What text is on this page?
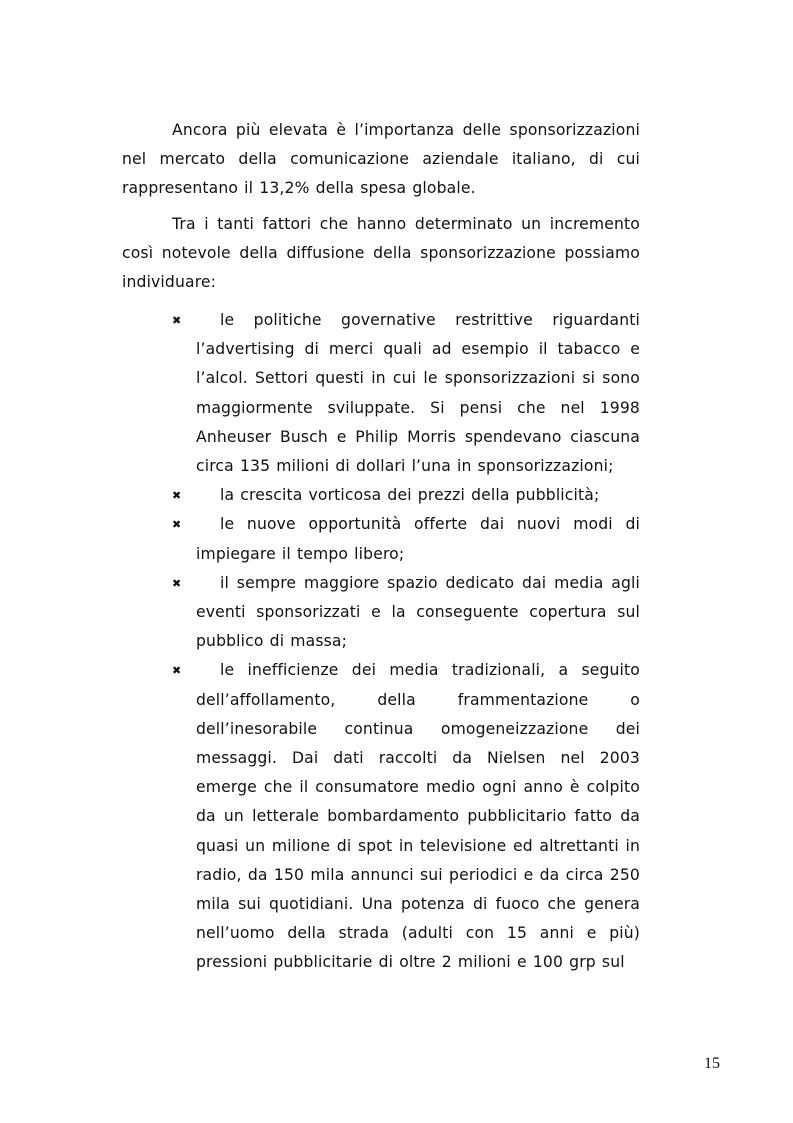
Ancora più elevata è l’importanza delle sponsorizzazioni nel mercato della comunicazione aziendale italiano, di cui rappresentano il 13,2% della spesa globale.

Tra i tanti fattori che hanno determinato un incremento così notevole della diffusione della sponsorizzazione possiamo individuare:

✖	le politiche governative restrittive riguardanti l’advertising di merci quali ad esempio il tabacco e l’alcol. Settori questi in cui le sponsorizzazioni si sono maggiormente sviluppate. Si pensi che nel 1998 Anheuser Busch e Philip Morris spendevano ciascuna circa 135 milioni di dollari l’una in sponsorizzazioni;
✖	la crescita vorticosa dei prezzi della pubblicità;
✖	le nuove opportunità offerte dai nuovi modi di impiegare il tempo libero;
✖	il sempre maggiore spazio dedicato dai media agli eventi sponsorizzati e la conseguente copertura sul pubblico di massa;
✖	le inefficienze dei media tradizionali, a seguito dell’affollamento, della frammentazione o dell’inesorabile continua omogeneizzazione dei messaggi. Dai dati raccolti da Nielsen nel 2003 emerge che il consumatore medio ogni anno è colpito da un letterale bombardamento pubblicitario fatto da quasi un milione di spot in televisione ed altrettanti in radio, da 150 mila annunci sui periodici e da circa 250 mila sui quotidiani. Una potenza di fuoco che genera nell’uomo della strada (adulti con 15 anni e più) pressioni pubblicitarie di oltre 2 milioni e 100 grp sul
15
